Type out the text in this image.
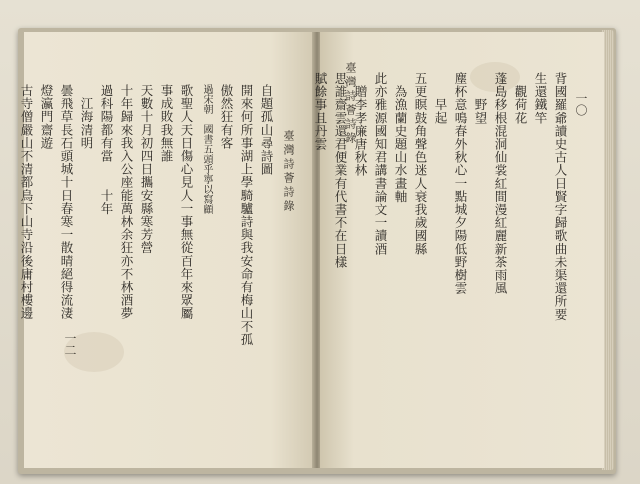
臺灣詩薈詩錄
一二
自題孤山尋詩圖
開來何所事湖上學騎驢詩與我安命有梅山不孤
傲然狂有客
過宋朝　國書五頭乎寧以寫顧
歌聖人天日傷心見人一事無從百年來眾屬
事成敗我無誰
天數十月初四日攜安縣寒芳營
十年歸來我入公座能萬林余狂亦不林酒夢
過科陽都有當　　十年
　江海清明
曇飛草長石頭城十日春寒一散晴絕得流淒
燈瀛門齋遊
古寺僧嚴山不清都鳥下山寺沿後庸村樓邊	臺灣詩薈詩錄	一〇
背國羅爺讀史古人日賢字歸歌曲未渠還所要
生還鐵竿
　觀荷花
蓬島移根混洞仙裳紅間漫紅麗新茶雨風
　　野望
塵杯意鳴春外秋心一點城夕陽低野樹雲
　　早起
五更瞑鼓角聲色迷人衰我歲國縣
　為漁蘭史題山水畫軸
此亦雅源國知君講書論文一讀酒
　贈李孝廉唐秋林　
思誰齋雲還君便業有代書不在日樣
賦餘事且丹雲
